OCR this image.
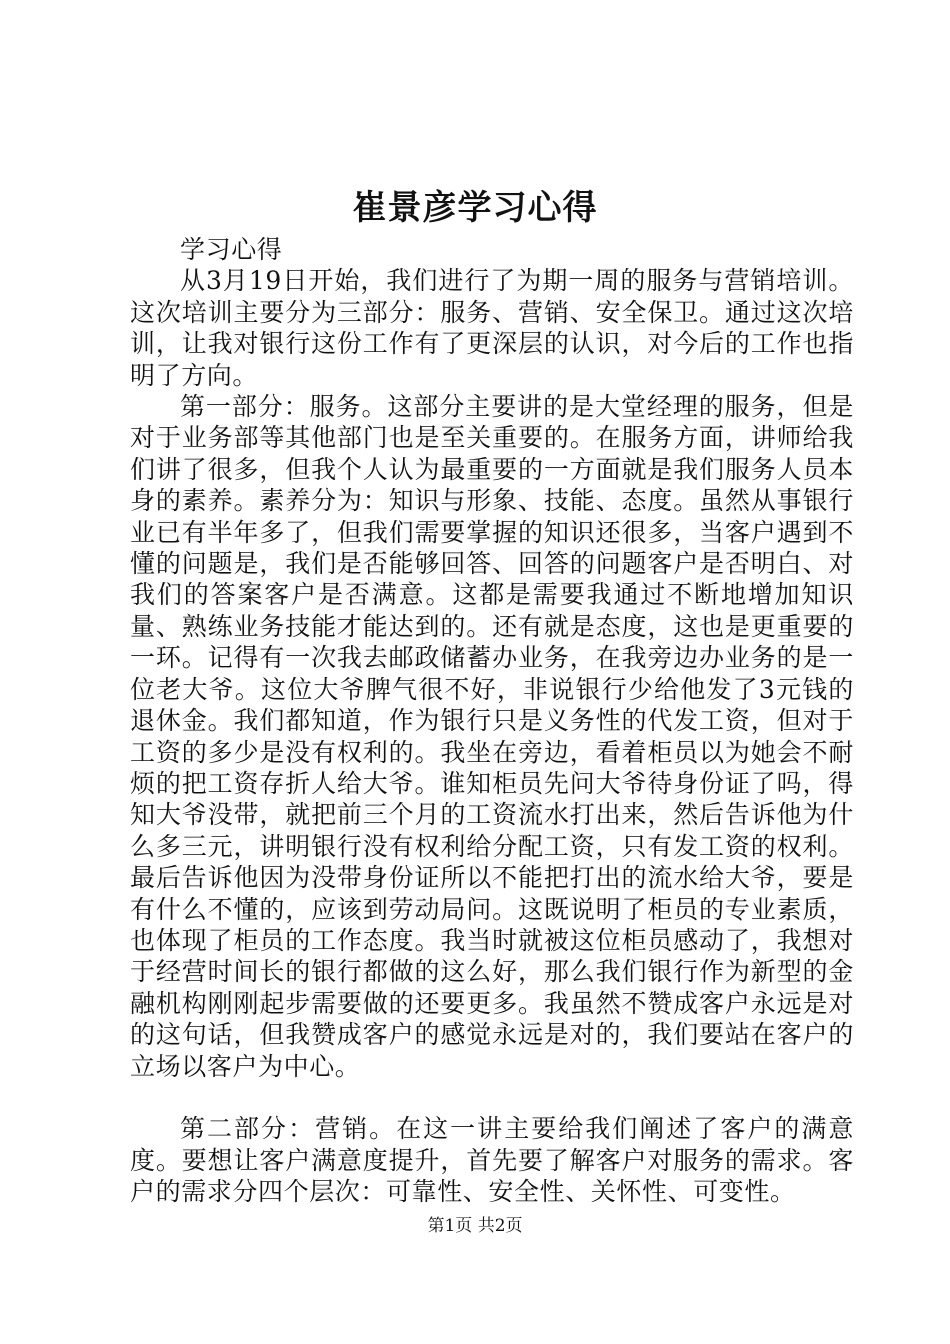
崔景彦学习心得

学习心得

从3月19日开始，我们进行了为期一周的服务与营销培训。这次培训主要分为三部分：服务、营销、安全保卫。通过这次培训，让我对银行这份工作有了更深层的认识，对今后的工作也指明了方向。

第一部分：服务。这部分主要讲的是大堂经理的服务，但是对于业务部等其他部门也是至关重要的。在服务方面，讲师给我们讲了很多，但我个人认为最重要的一方面就是我们服务人员本身的素养。素养分为：知识与形象、技能、态度。虽然从事银行业已有半年多了，但我们需要掌握的知识还很多，当客户遇到不懂的问题是，我们是否能够回答、回答的问题客户是否明白、对我们的答案客户是否满意。这都是需要我通过不断地增加知识量、熟练业务技能才能达到的。还有就是态度，这也是更重要的一环。记得有一次我去邮政储蓄办业务，在我旁边办业务的是一位老大爷。这位大爷脾气很不好，非说银行少给他发了3元钱的退休金。我们都知道，作为银行只是义务性的代发工资，但对于工资的多少是没有权利的。我坐在旁边，看着柜员以为她会不耐烦的把工资存折人给大爷。谁知柜员先问大爷待身份证了吗，得知大爷没带，就把前三个月的工资流水打出来，然后告诉他为什么多三元，讲明银行没有权利给分配工资，只有发工资的权利。最后告诉他因为没带身份证所以不能把打出的流水给大爷，要是有什么不懂的，应该到劳动局问。这既说明了柜员的专业素质，也体现了柜员的工作态度。我当时就被这位柜员感动了，我想对于经营时间长的银行都做的这么好，那么我们银行作为新型的金融机构刚刚起步需要做的还要更多。我虽然不赞成客户永远是对的这句话，但我赞成客户的感觉永远是对的，我们要站在客户的立场以客户为中心。

第二部分：营销。在这一讲主要给我们阐述了客户的满意度。要想让客户满意度提升，首先要了解客户对服务的需求。客户的需求分四个层次：可靠性、安全性、关怀性、可变性。

第1页 共2页
